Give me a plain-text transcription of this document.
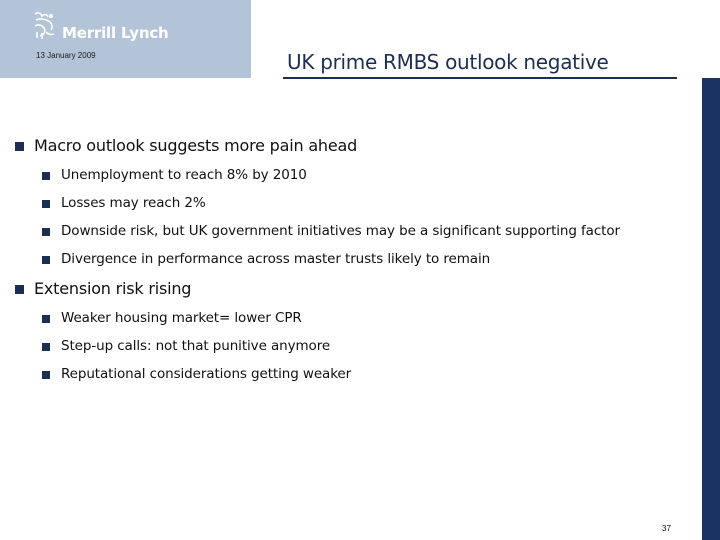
Merrill Lynch
13 January 2009	UK prime RMBS outlook negative
Macro outlook suggests more pain ahead
Unemployment to reach 8% by 2010
Losses may reach 2%
Downside risk, but UK government initiatives may be a significant supporting factor
Divergence in performance across master trusts likely to remain
Extension risk rising
Weaker housing market= lower CPR
Step-up calls: not that punitive anymore
Reputational considerations getting weaker
37
